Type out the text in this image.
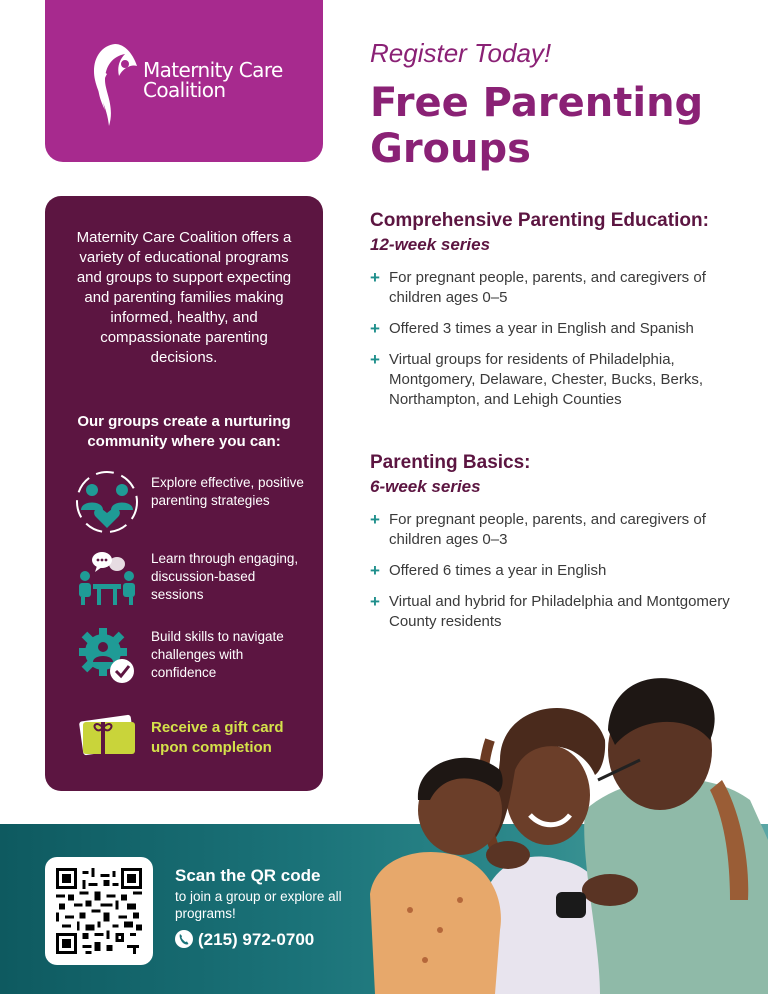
Maternity Care
Coalition

Maternity Care Coalition offers a variety of educational programs and groups to support expecting and parenting families making informed, healthy, and compassionate parenting decisions.

Our groups create a nurturing community where you can:

Explore effective, positive parenting strategies
Learn through engaging, discussion-based sessions
Build skills to navigate challenges with confidence
Receive a gift card upon completion
Register Today!
Free Parenting Groups
Comprehensive Parenting Education:
12-week series
+ For pregnant people, parents, and caregivers of children ages 0–5
+ Offered 3 times a year in English and Spanish
+ Virtual groups for residents of Philadelphia, Montgomery, Delaware, Chester, Bucks, Berks, Northampton, and Lehigh Counties
Parenting Basics:
6-week series
+ For pregnant people, parents, and caregivers of children ages 0–3
+ Offered 6 times a year in English
+ Virtual and hybrid for Philadelphia and Montgomery County residents
Scan the QR code
to join a group or explore all programs!
(215) 972-0700
